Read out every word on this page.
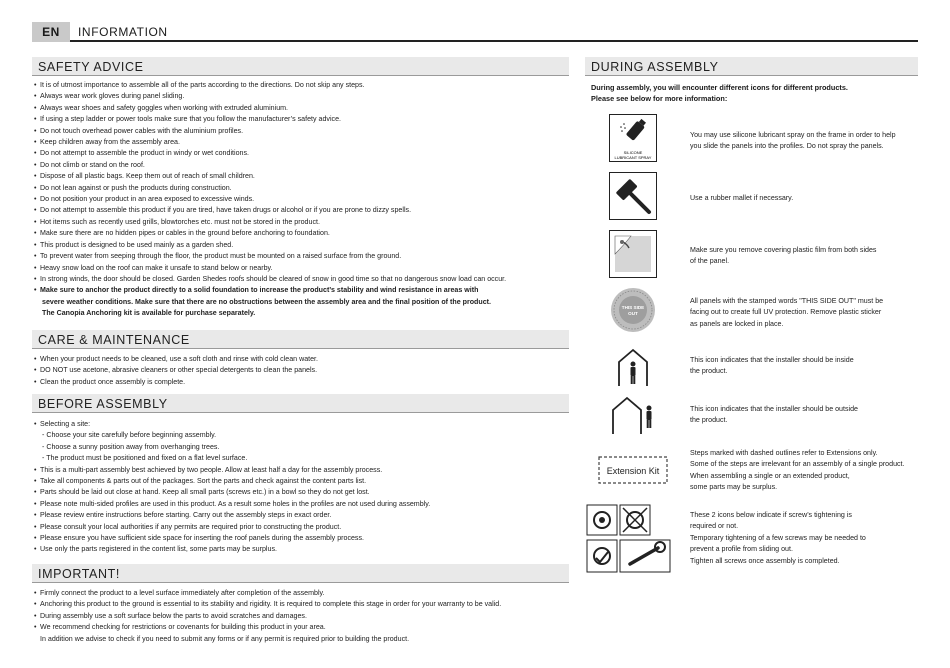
EN	INFORMATION
SAFETY ADVICE
• It is of utmost importance to assemble all of the parts according to the directions. Do not skip any steps.
• Always wear work gloves during panel sliding.
• Always wear shoes and safety goggles when working with extruded aluminium.
• If using a step ladder or power tools make sure that you follow the manufacturer’s safety advice.
• Do not touch overhead power cables with the aluminium profiles.
• Keep children away from the assembly area.
• Do not attempt to assemble the product in windy or wet conditions.
• Do not climb or stand on the roof.
• Dispose of all plastic bags. Keep them out of reach of small children.
• Do not lean against or push the products during construction.
• Do not position your product in an area exposed to excessive winds.
• Do not attempt to assemble this product if you are tired, have taken drugs or alcohol or if you are prone to dizzy spells.
• Hot items such as recently used grills, blowtorches etc. must not be stored in the product.
• Make sure there are no hidden pipes or cables in the ground before anchoring to foundation.
• This product is designed to be used mainly as a garden shed.
• To prevent water from seeping through the floor, the product must be mounted on a raised surface from the ground.
• Heavy snow load on the roof can make it unsafe to stand below or nearby.
• In strong winds, the door should be closed. Garden Shedes roofs should be cleared of snow in good time so that no dangerous snow load can occur.
• Make sure to anchor the product directly to a solid foundation to increase the product’s stability and wind resistance in areas with
severe weather conditions. Make sure that there are no obstructions between the assembly area and the final position of the product.
The Canopia Anchoring kit is available for purchase separately.
CARE & MAINTENANCE
• When your product needs to be cleaned, use a soft cloth and rinse with cold clean water.
• DO NOT use acetone, abrasive cleaners or other special detergents to clean the panels.
• Clean the product once assembly is complete.
BEFORE ASSEMBLY
• Selecting a site:
- Choose your site carefully before beginning assembly.
- Choose a sunny position away from overhanging trees.
- The product must be positioned and fixed on a flat level surface.
• This is a multi-part assembly best achieved by two people. Allow at least half a day for the assembly process.
• Take all components & parts out of the packages. Sort the parts and check against the content parts list.
• Parts should be laid out close at hand. Keep all small parts (screws etc.) in a bowl so they do not get lost.
• Please note multi-sided profiles are used in this product. As a result some holes in the profiles are not used during assembly.
• Please review entire instructions before starting. Carry out the assembly steps in exact order.
• Please consult your local authorities if any permits are required prior to constructing the product.
• Please ensure you have sufficient side space for inserting the roof panels during the assembly process.
• Use only the parts registered in the content list, some parts may be surplus.
IMPORTANT!
• Firmly connect the product to a level surface immediately after completion of the assembly.
• Anchoring this product to the ground is essential to its stability and rigidity. It is required to complete this stage in order for your warranty to be valid.
• During assembly use a soft surface below the parts to avoid scratches and damages.
• We recommend checking for restrictions or covenants for building this product in your area.
In addition we advise to check if you need to submit any forms or if any permit is required prior to building the product.
DURING ASSEMBLY
During assembly, you will encounter different icons for different products.
Please see below for more information:
SILICONE
LUBRICANT SPRAY
You may use silicone lubricant spray on the frame in order to help
you slide the panels into the profiles. Do not spray the panels.
Use a rubber mallet if necessary.
Make sure you remove covering plastic film from both sides
of the panel.
THIS SIDE
OUT
All panels with the stamped words "THIS SIDE OUT" must be
facing out to create full UV protection. Remove plastic sticker
as panels are locked in place.
This icon indicates that the installer should be inside
the product.
This icon indicates that the installer should be outside
the product.
Extension Kit
Steps marked with dashed outlines refer to Extensions only.
Some of the steps are irrelevant for an assembly of a single product.
When assembling a single or an extended product,
some parts may be surplus.
These 2 icons below indicate if screw’s tightening is
required or not.
Temporary tightening of a few screws may be needed to
prevent a profile from sliding out.
Tighten all screws once assembly is completed.
